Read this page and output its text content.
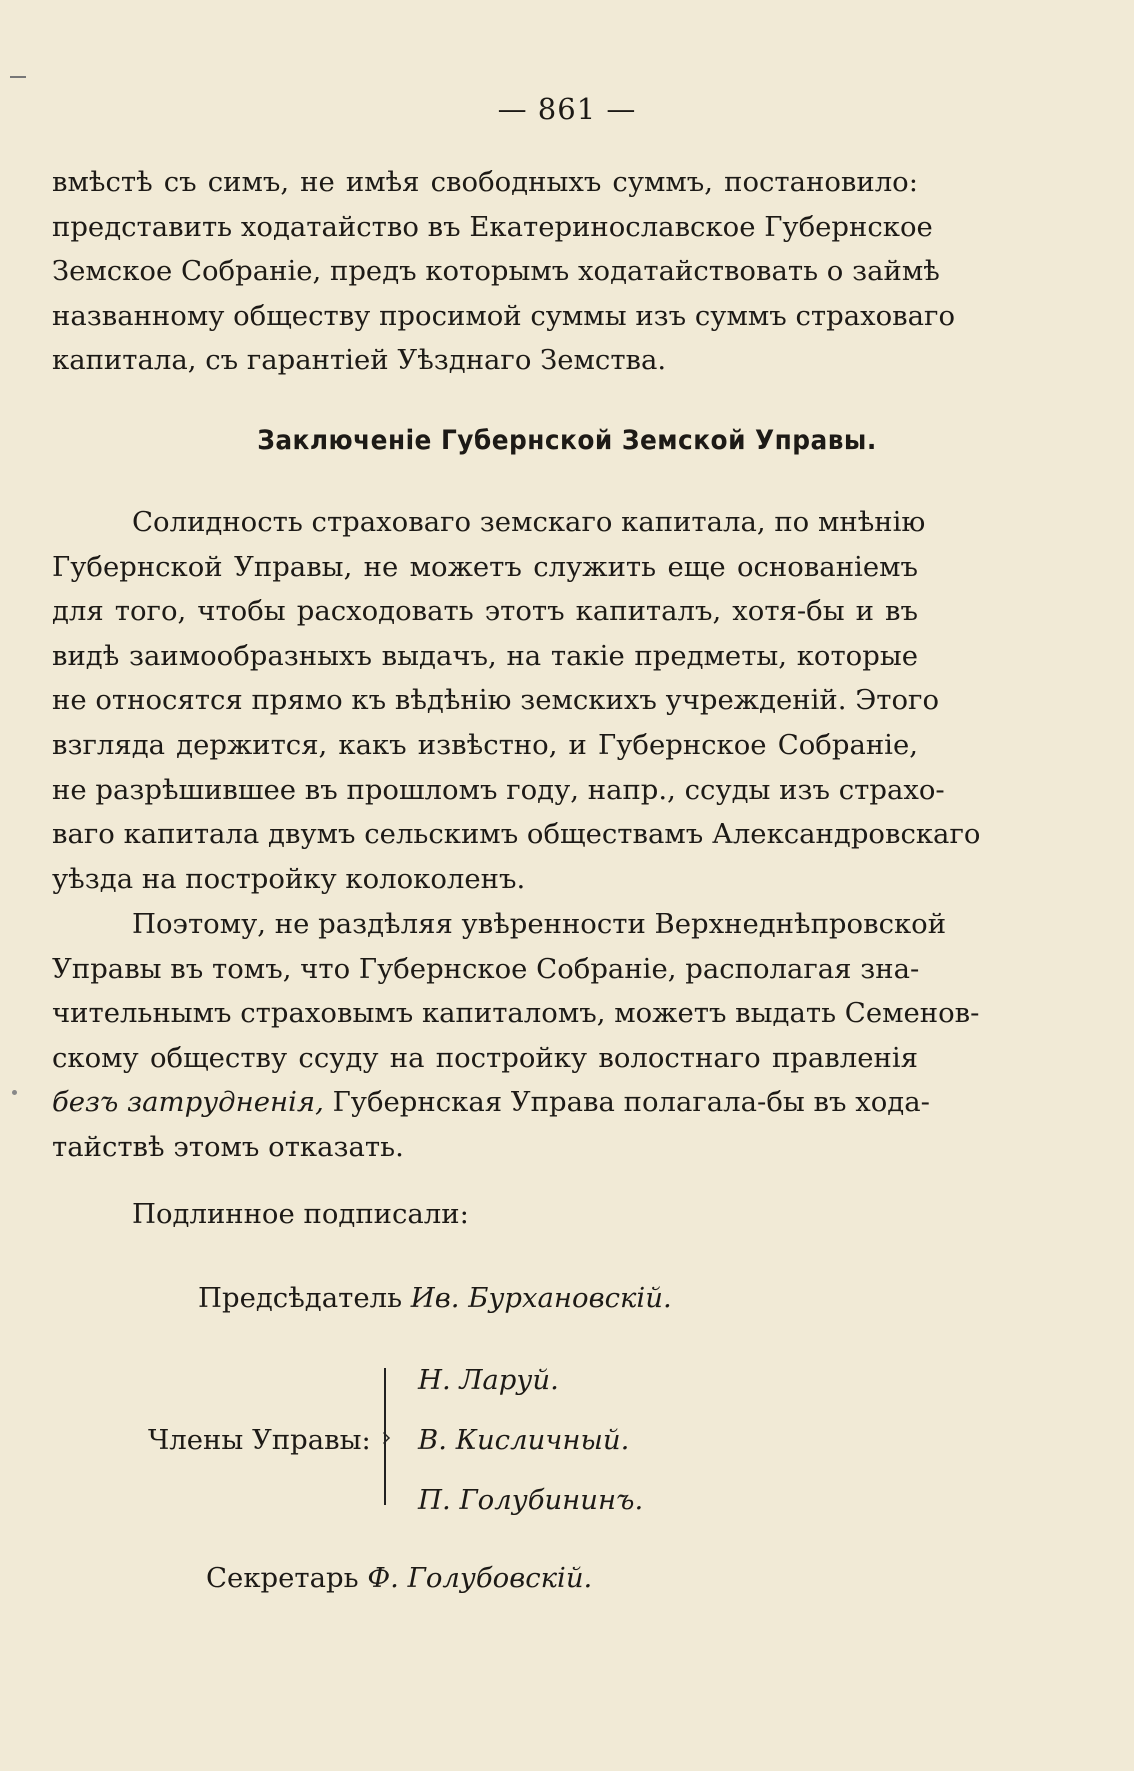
— 861 —
вмѣстѣ съ симъ, не имѣя свободныхъ суммъ, постановило:
представить ходатайство въ Екатеринославское Губернское
Земское Собраніе, предъ которымъ ходатайствовать о займѣ
названному обществу просимой суммы изъ суммъ страховаго
капитала, съ гарантіей Уѣзднаго Земства.
Заключеніе Губернской Земской Управы.
Солидность страховаго земскаго капитала, по мнѣнію
Губернской Управы, не можетъ служить еще основаніемъ
для того, чтобы расходовать этотъ капиталъ, хотя-бы и въ
видѣ заимообразныхъ выдачъ, на такіе предметы, которые
не относятся прямо къ вѣдѣнію земскихъ учрежденій. Этого
взгляда держится, какъ извѣстно, и Губернское Собраніе,
не разрѣшившее въ прошломъ году, напр., ссуды изъ страхо-
ваго капитала двумъ сельскимъ обществамъ Александровскаго
уѣзда на постройку колоколенъ.
Поэтому, не раздѣляя увѣренности Верхнеднѣпровской
Управы въ томъ, что Губернское Собраніе, располагая зна-
чительнымъ страховымъ капиталомъ, можетъ выдать Семенов-
скому обществу ссуду на постройку волостнаго правленія
безъ затрудненія, Губернская Управа полагала-бы въ хода-
тайствѣ этомъ отказать.
Подлинное подписали:
Предсѣдатель Ив. Бурхановскій.
Члены Управы:
Н. Ларуй.
В. Кисличный.
П. Голубининъ.
Секретарь Ф. Голубовскій.
